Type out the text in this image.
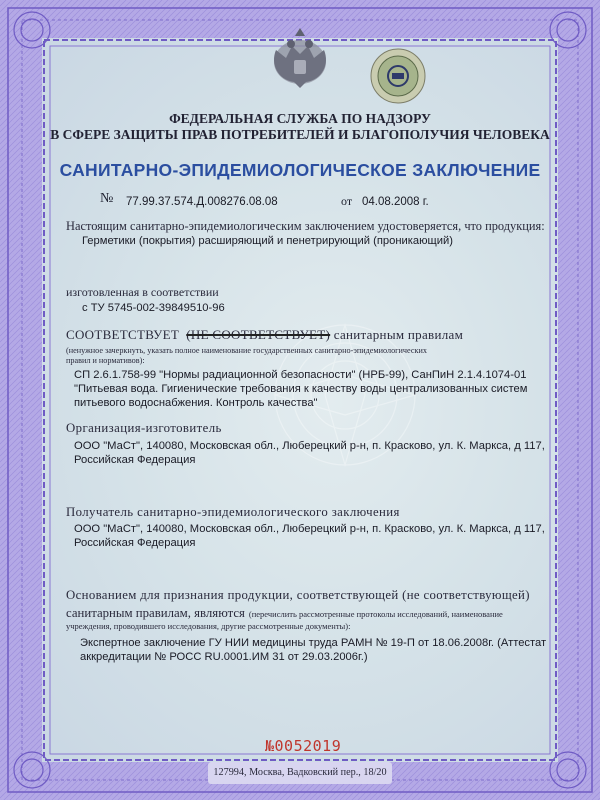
ФЕДЕРАЛЬНАЯ СЛУЖБА ПО НАДЗОРУ

В СФЕРЕ ЗАЩИТЫ ПРАВ ПОТРЕБИТЕЛЕЙ И БЛАГОПОЛУЧИЯ ЧЕЛОВЕКА

САНИТАРНО-ЭПИДЕМИОЛОГИЧЕСКОЕ ЗАКЛЮЧЕНИЕ

№ 77.99.37.574.Д.008276.08.08	от 04.08.2008 г.

Настоящим санитарно-эпидемиологическим заключением удостоверяется, что продукция:

Герметики (покрытия) расширяющий и пенетрирующий (проникающий)

изготовленная в соответствии

с ТУ 5745-002-39849510-96

СООТВЕТСТВУЕТ (НЕ СООТВЕТСТВУЕТ) санитарным правилам

(ненужное зачеркнуть, указать полное наименование государственных санитарно-эпидемиологических

правил и нормативов):

СП 2.6.1.758-99 "Нормы радиационной безопасности" (НРБ-99), СанПиН 2.1.4.1074-01

"Питьевая вода. Гигиенические требования к качеству воды централизованных систем

питьевого водоснабжения. Контроль качества"

Организация-изготовитель

ООО "МаСт", 140080, Московская обл., Люберецкий р-н, п. Красково, ул. К. Маркса, д 117,

Российская Федерация

Получатель санитарно-эпидемиологического заключения

ООО "МаСт", 140080, Московская обл., Люберецкий р-н, п. Красково, ул. К. Маркса, д 117,

Российская Федерация

Основанием для признания продукции, соответствующей (не соответствующей)

санитарным правилам, являются (перечислить рассмотренные протоколы исследований, наименование

учреждения, проводившего исследования, другие рассмотренные документы):

Экспертное заключение ГУ НИИ медицины труда РАМН № 19-П от 18.06.2008г. (Аттестат

аккредитации № РОСС RU.0001.ИМ 31 от 29.03.2006г.)

№0052019

127994, Москва, Вадковский пер., 18/20
